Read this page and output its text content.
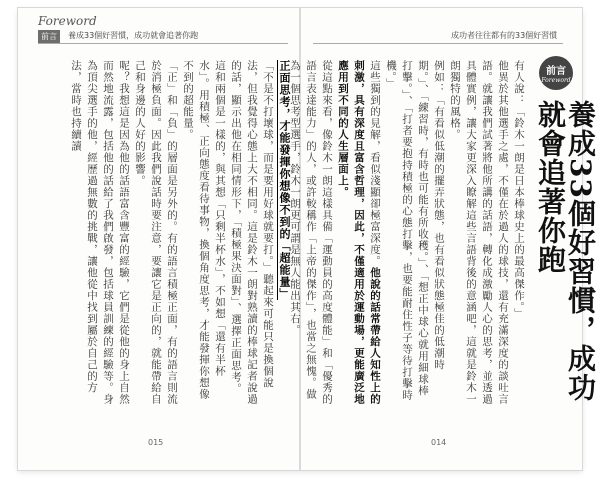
Foreword
前言	養成33個好習慣，成功就會追著你跑
正面思考，才能發揮你想像不到的「超能量」
「不是不打壞球，而是要用好球就要打。」聽起來可能只是換個說法，但我覺得心態上大不相同。這是鈴木一朗對熟讀的棒球記者說過的話，顯示出他在相同情形下，「積極果決面對」、選擇正面思考。
這和兩個是一樣的，與其想「只剩半杯水」，不如想「還有半杯水」。用積極、正向態度看待事物，換個角度思考，才能發揮你想像不到的超能量。
「正」和「負」的層面是另外的。有的語言積極正面，有的語言則流於消極負面。因此我們說話時要注意，要讓它是正向的，就能帶給自己和身邊的人好的影響。
呢？我想這是因為他的話語富含豐富的經驗，它們是從他的身上自然而然地流露，包括他的話給了我們啟發，包括球員訓練的經驗等。身為頂尖選手的他，經歷過無數的挑戰，讓他從中找到屬於自己的方法，當時也持續讀
015
成功者往往都有的33個好習慣
前言
Foreword
養成33個好習慣，成功就會追著你跑
有人說：「鈴木一朗是日本棒球史上的最高傑作。」
他異於其他選手之處，不僅在於過人的球技，還有充滿深度的談吐言語。就讓我們試著將他所講的話語，轉化成激勵人心的思考，並透過具體實例，讓大家更深入瞭解這些言語背後的意涵吧，這就是鈴木一朗獨特的風格。
例如：「有看似低潮的擺弄狀態，也有看似狀態極佳的低潮時期。」、「練習時，有時也可能有所收穫。」、「想正中球心就用細球棒打擊。」、「打者要抱持積極的心態打擊，也要能耐住性子等待打擊時機。」
這些獨到的見解，看似淺顯卻極富深度。他說的話常帶給人知性上的刺激，具有深度且富含哲理，因此，不僅適用於運動場，更能廣泛地應用到不同的人生層面上。
從這點來看，像鈴木一朗這樣具備「運動員的高度體能」和「優秀的語言表達能力」的人，或許較稱作「上帝的傑作」，也當之無愧。做為一個思考型選手，鈴木一朗更可謂是無人能出其右。
014
